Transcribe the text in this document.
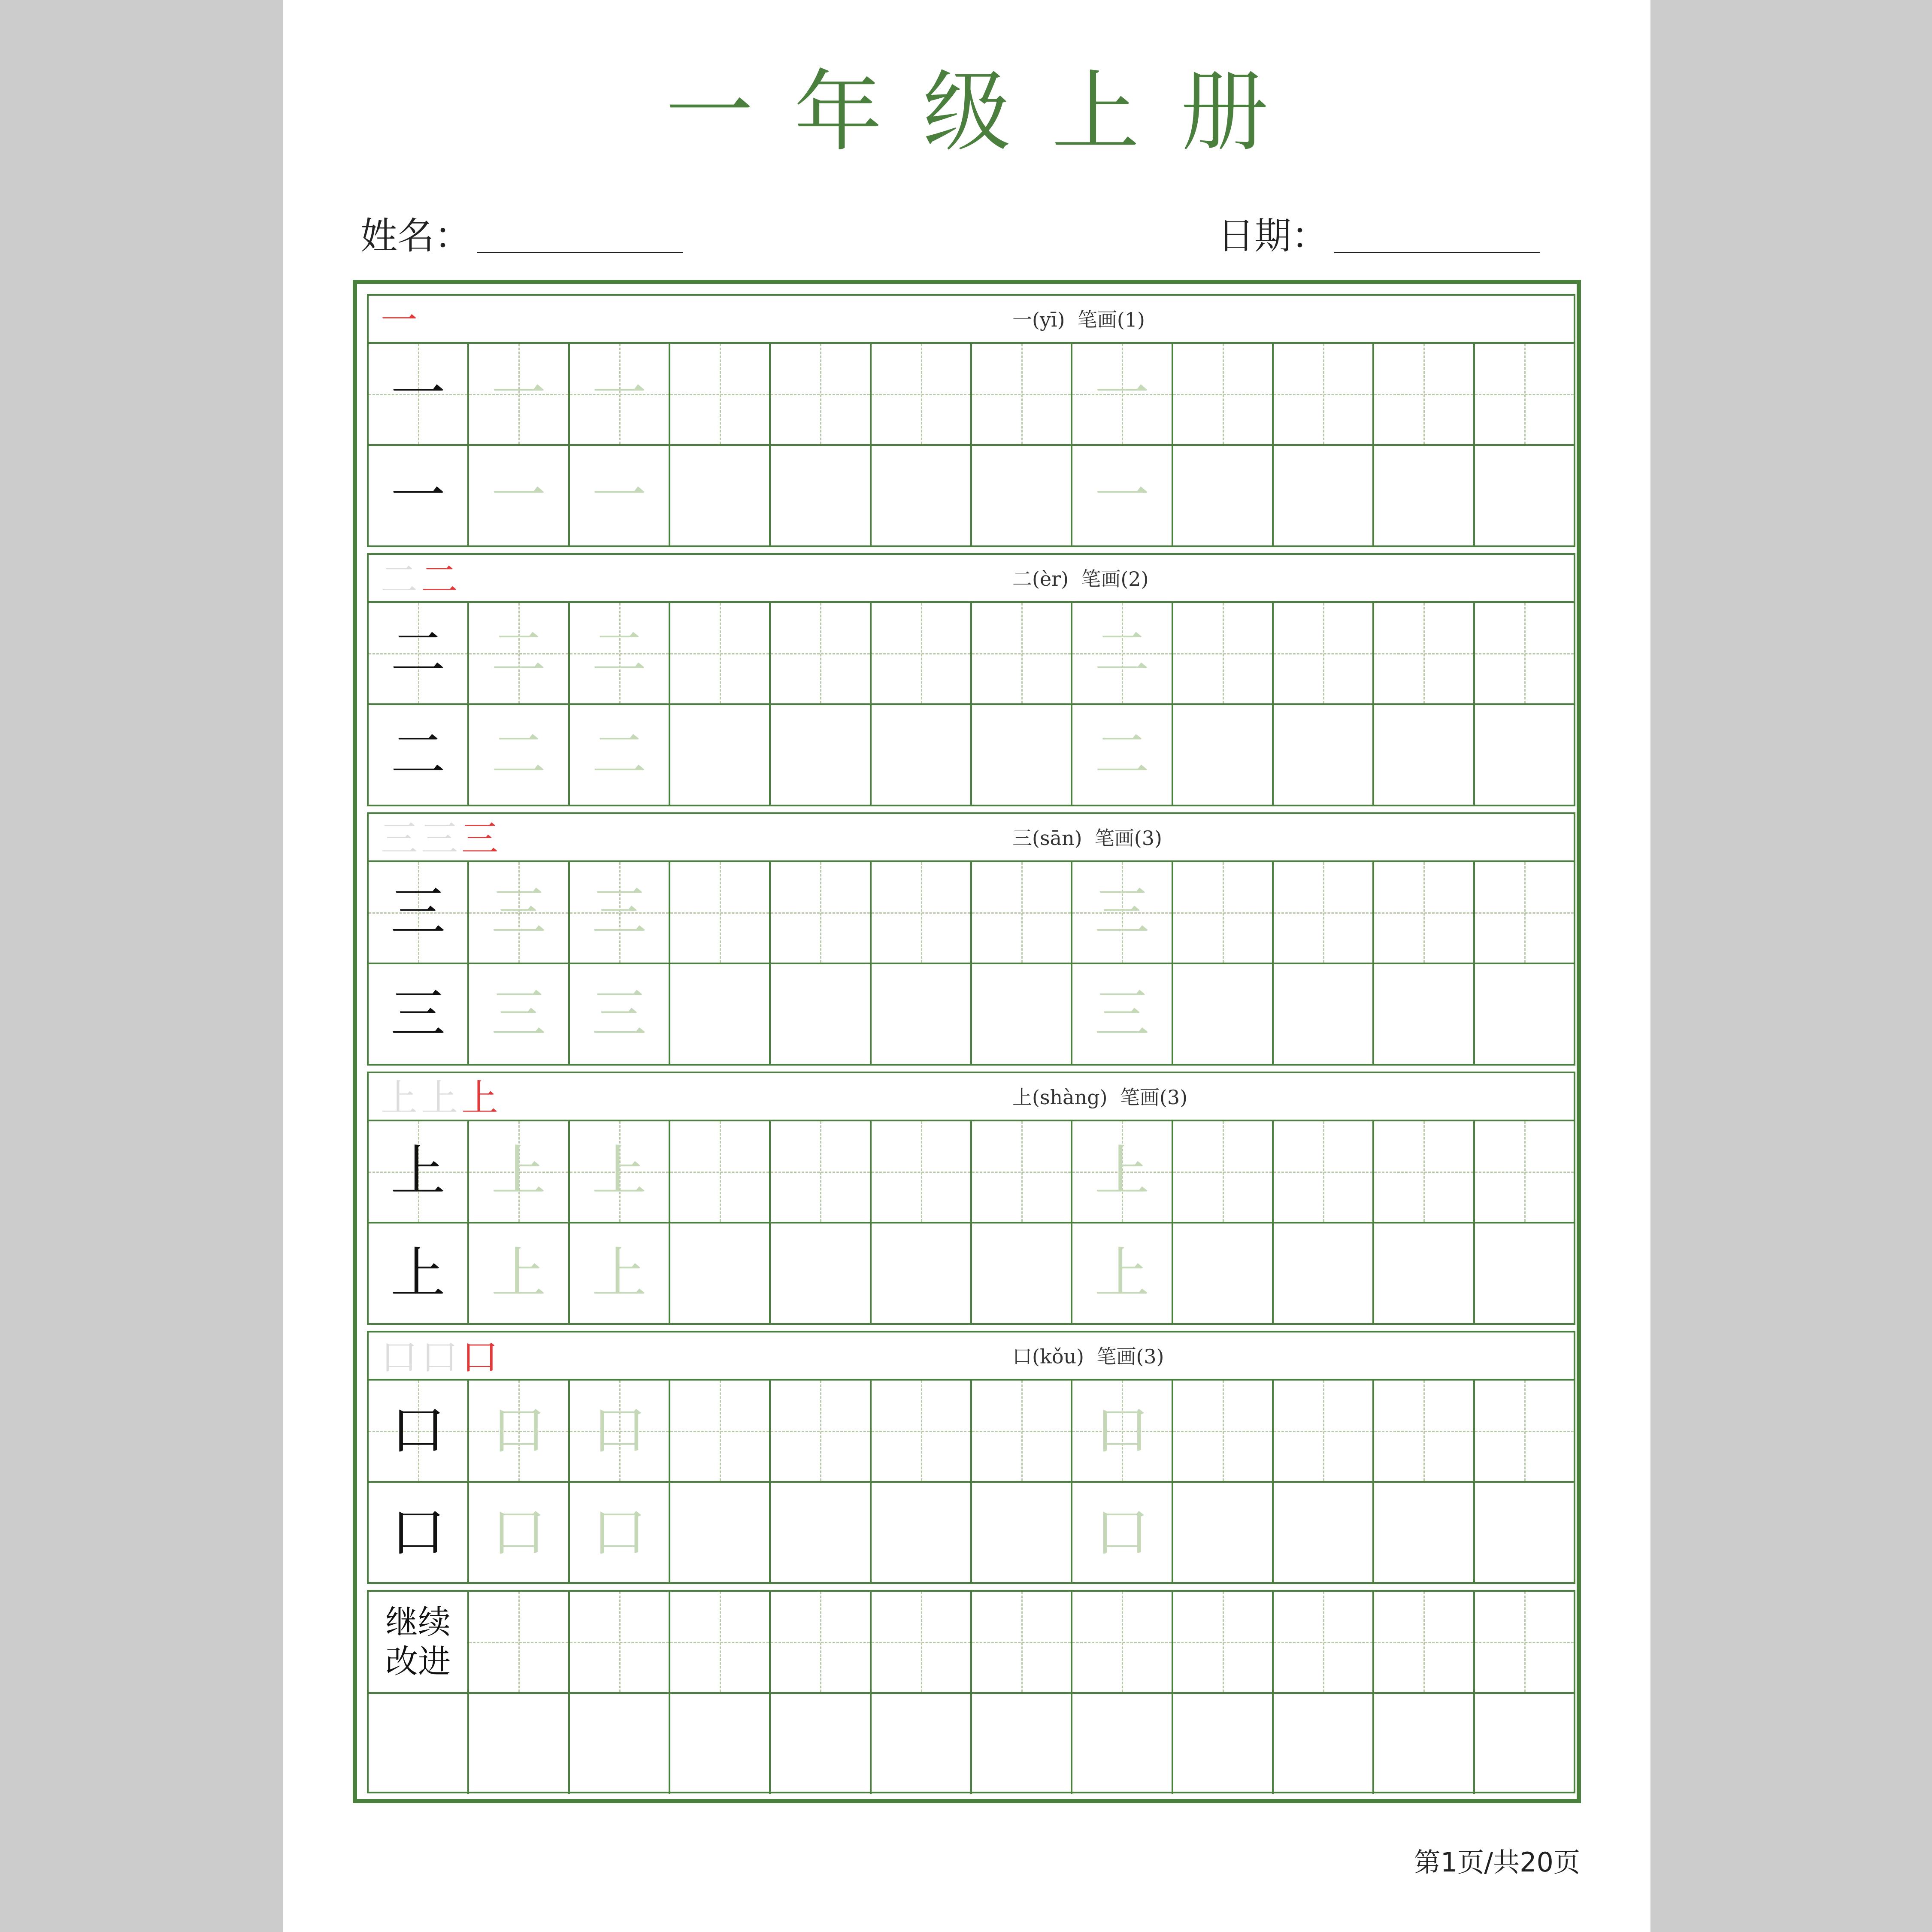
一年级上册
姓名：	日期：
一	一(yī)  笔画(1)
一 一 一	一
一 一 一	一
二 二	二(èr)  笔画(2)
二 二 二	二
二 二 二	二
三 三 三	三(sān)  笔画(3)
三 三 三	三
三 三 三	三
上 上 上	上(shàng)  笔画(3)
上 上 上	上
上 上 上	上
口 口 口	口(kǒu)  笔画(3)
口 口 口	口
口 口 口	口
继续
改进
第1页/共20页
